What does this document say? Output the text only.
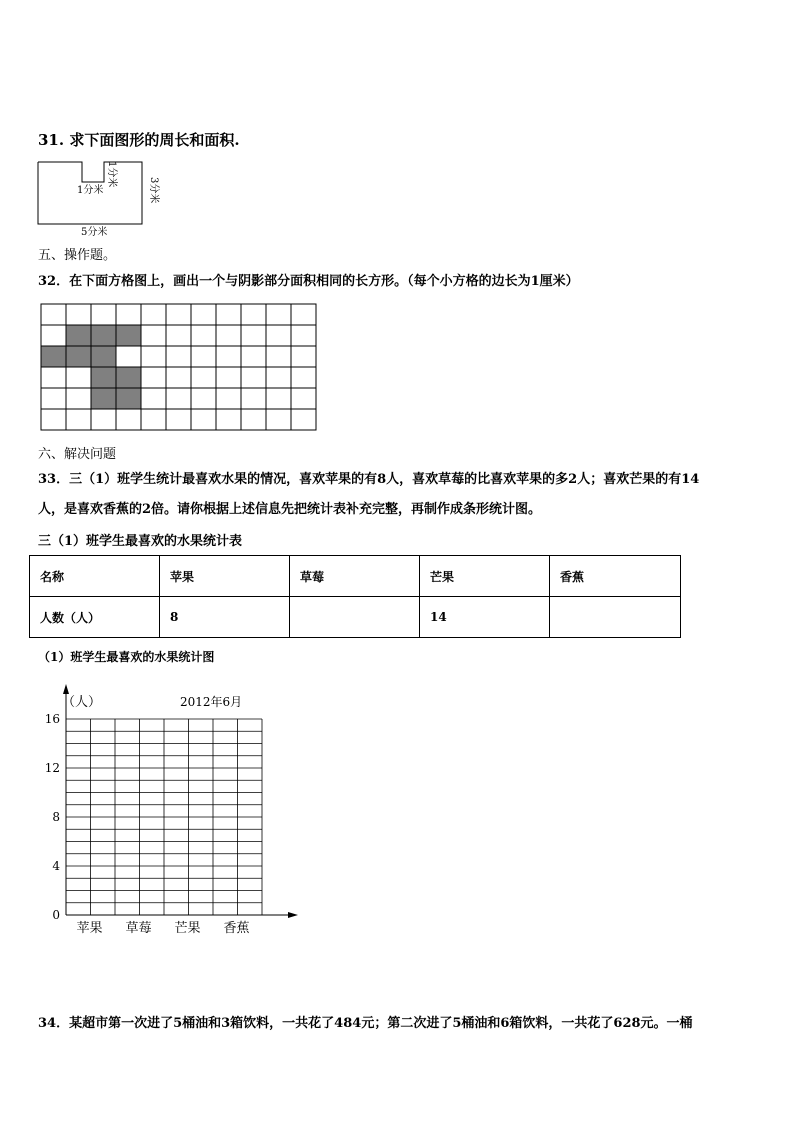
31. 求下面图形的周长和面积.
1分米
1分米
3分米
5分米
五、操作题。
32．在下面方格图上，画出一个与阴影部分面积相同的长方形。（每个小方格的边长为1厘米）
六、解决问题
33．三（1）班学生统计最喜欢水果的情况，喜欢苹果的有8人，喜欢草莓的比喜欢苹果的多2人；喜欢芒果的有14
人，是喜欢香蕉的2倍。请你根据上述信息先把统计表补充完整，再制作成条形统计图。
三（1）班学生最喜欢的水果统计表
名称	苹果	草莓	芒果	香蕉
人数（人）	8		14	
（1）班学生最喜欢的水果统计图
（人）	2012年6月
0
4
8
12
16
苹果 草莓 芒果 香蕉
34．某超市第一次进了5桶油和3箱饮料，一共花了484元；第二次进了5桶油和6箱饮料，一共花了628元。一桶
